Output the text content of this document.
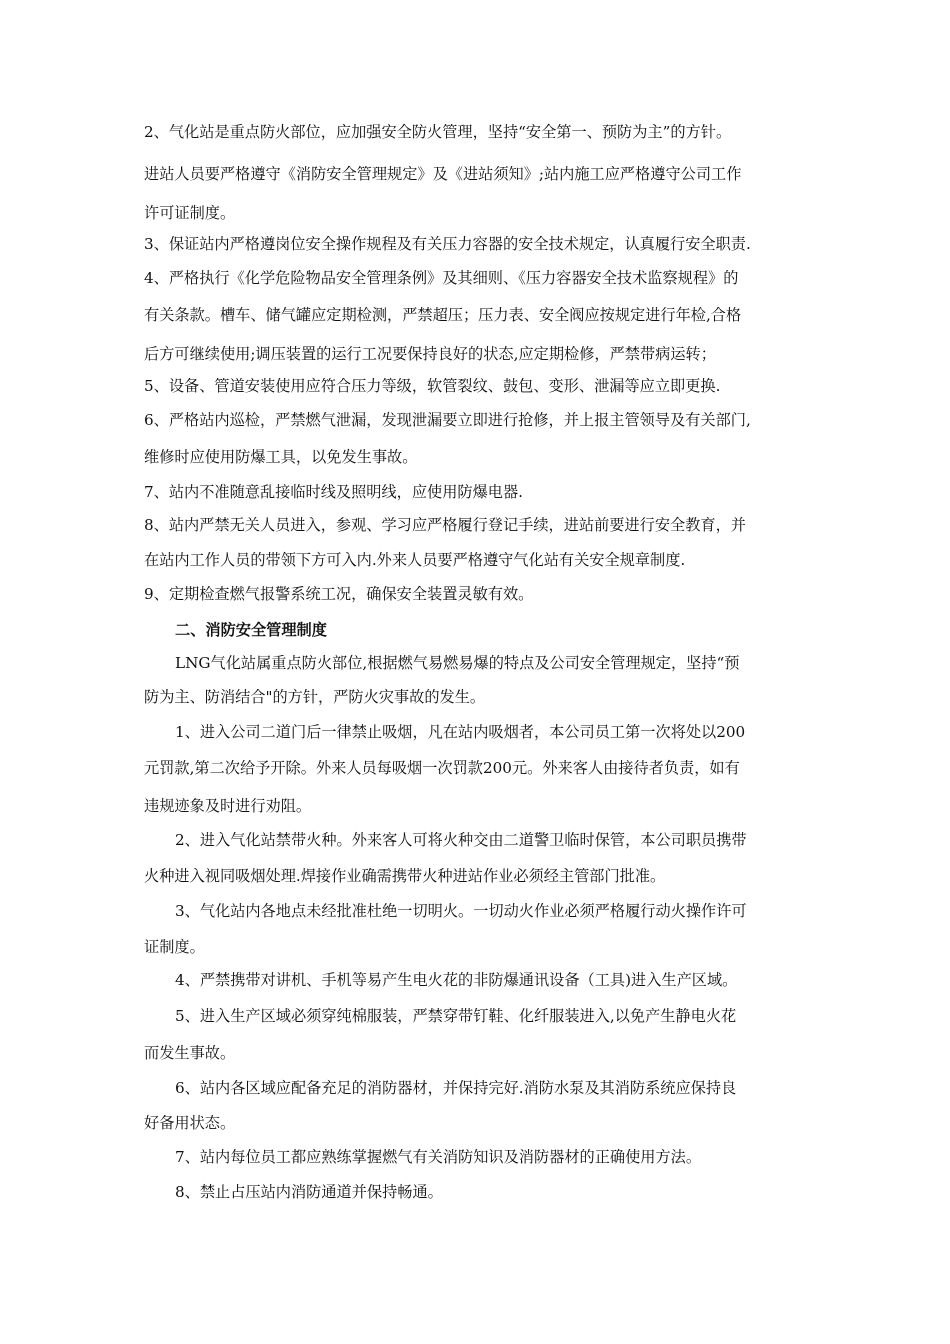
2、气化站是重点防火部位，应加强安全防火管理，坚持“安全第一、预防为主”的方针。
进站人员要严格遵守《消防安全管理规定》及《进站须知》;站内施工应严格遵守公司工作
许可证制度。
3、保证站内严格遵岗位安全操作规程及有关压力容器的安全技术规定，认真履行安全职责.
4、严格执行《化学危险物品安全管理条例》及其细则、《压力容器安全技术监察规程》的
有关条款。槽车、储气罐应定期检测，严禁超压；压力表、安全阀应按规定进行年检,合格
后方可继续使用;调压装置的运行工况要保持良好的状态,应定期检修，严禁带病运转；
5、设备、管道安装使用应符合压力等级，软管裂纹、鼓包、变形、泄漏等应立即更换.
6、严格站内巡检，严禁燃气泄漏，发现泄漏要立即进行抢修，并上报主管领导及有关部门,
维修时应使用防爆工具，以免发生事故。
7、站内不准随意乱接临时线及照明线，应使用防爆电器.
8、站内严禁无关人员进入，参观、学习应严格履行登记手续，进站前要进行安全教育，并
在站内工作人员的带领下方可入内.外来人员要严格遵守气化站有关安全规章制度.
9、定期检查燃气报警系统工况，确保安全装置灵敏有效。
二、消防安全管理制度
LNG气化站属重点防火部位,根据燃气易燃易爆的特点及公司安全管理规定，坚持“预
防为主、防消结合"的方针，严防火灾事故的发生。
1、进入公司二道门后一律禁止吸烟，凡在站内吸烟者，本公司员工第一次将处以200
元罚款,第二次给予开除。外来人员每吸烟一次罚款200元。外来客人由接待者负责，如有
违规迹象及时进行劝阻。
2、进入气化站禁带火种。外来客人可将火种交由二道警卫临时保管，本公司职员携带
火种进入视同吸烟处理.焊接作业确需携带火种进站作业必须经主管部门批准。
3、气化站内各地点未经批准杜绝一切明火。一切动火作业必须严格履行动火操作许可
证制度。
4、严禁携带对讲机、手机等易产生电火花的非防爆通讯设备（工具)进入生产区域。
5、进入生产区域必须穿纯棉服装，严禁穿带钉鞋、化纤服装进入,以免产生静电火花
而发生事故。
6、站内各区域应配备充足的消防器材，并保持完好.消防水泵及其消防系统应保持良
好备用状态。
7、站内每位员工都应熟练掌握燃气有关消防知识及消防器材的正确使用方法。
8、禁止占压站内消防通道并保持畅通。
